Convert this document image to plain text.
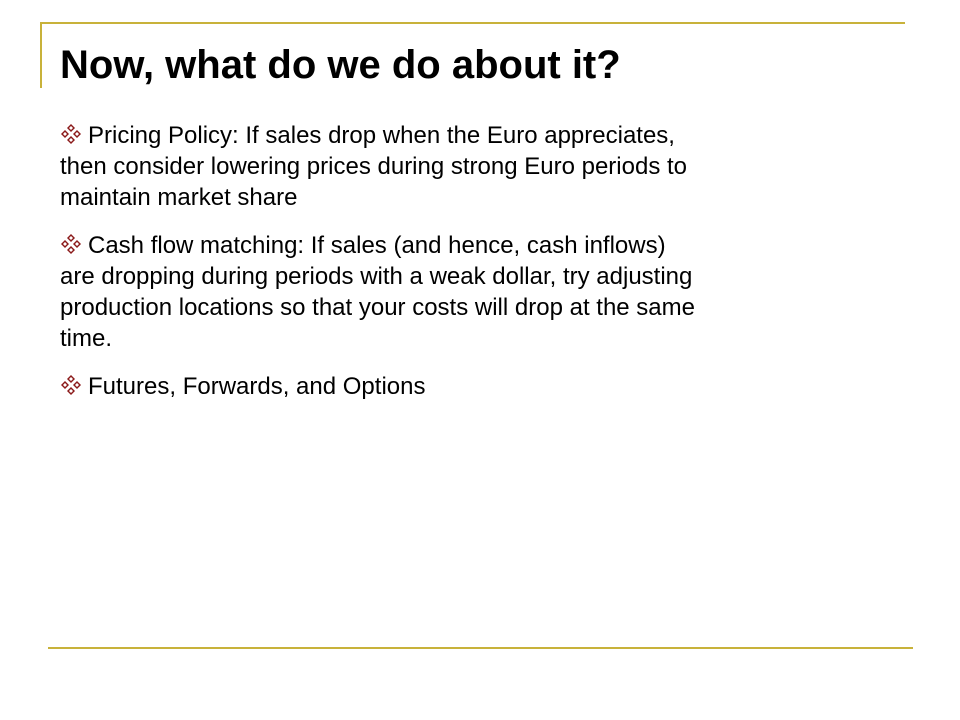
Now, what do we do about it?
Pricing Policy: If sales drop when the Euro appreciates, then consider lowering prices during strong Euro periods to maintain market share
Cash flow matching: If sales (and hence, cash inflows) are dropping during periods with a weak dollar, try adjusting production locations so that your costs will drop at the same time.
Futures, Forwards, and Options
